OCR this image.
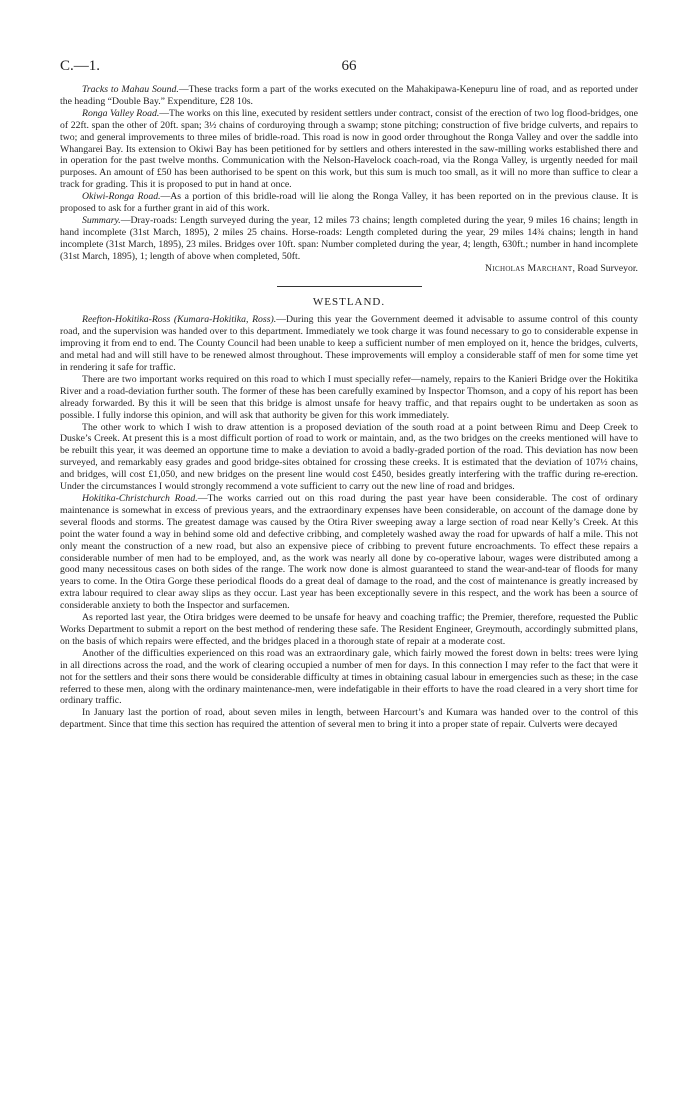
C.—1.	66

Tracks to Mahau Sound.—These tracks form a part of the works executed on the Mahakipawa-Kenepuru line of road, and as reported under the heading “Double Bay.” Expenditure, £28 10s.

Ronga Valley Road.—The works on this line, executed by resident settlers under contract, consist of the erection of two log flood-bridges, one of 22ft. span the other of 20ft. span; 3½ chains of corduroying through a swamp; stone pitching; construction of five bridge culverts, and repairs to two; and general improvements to three miles of bridle-road. This road is now in good order throughout the Ronga Valley and over the saddle into Whangarei Bay. Its extension to Okiwi Bay has been petitioned for by settlers and others interested in the saw-milling works established there and in operation for the past twelve months. Communication with the Nelson-Havelock coach-road, via the Ronga Valley, is urgently needed for mail purposes. An amount of £50 has been authorised to be spent on this work, but this sum is much too small, as it will no more than suffice to clear a track for grading. This it is proposed to put in hand at once.

Okiwi-Ronga Road.—As a portion of this bridle-road will lie along the Ronga Valley, it has been reported on in the previous clause. It is proposed to ask for a further grant in aid of this work.

Summary.—Dray-roads: Length surveyed during the year, 12 miles 73 chains; length completed during the year, 9 miles 16 chains; length in hand incomplete (31st March, 1895), 2 miles 25 chains. Horse-roads: Length completed during the year, 29 miles 14¾ chains; length in hand incomplete (31st March, 1895), 23 miles. Bridges over 10ft. span: Number completed during the year, 4; length, 630ft.; number in hand incomplete (31st March, 1895), 1; length of above when completed, 50ft.

Nicholas Marchant, Road Surveyor.
WESTLAND.

Reefton-Hokitika-Ross (Kumara-Hokitika, Ross).—During this year the Government deemed it advisable to assume control of this county road, and the supervision was handed over to this department. Immediately we took charge it was found necessary to go to considerable expense in improving it from end to end. The County Council had been unable to keep a sufficient number of men employed on it, hence the bridges, culverts, and metal had and will still have to be renewed almost throughout. These improvements will employ a considerable staff of men for some time yet in rendering it safe for traffic.

There are two important works required on this road to which I must specially refer—namely, repairs to the Kanieri Bridge over the Hokitika River and a road-deviation further south. The former of these has been carefully examined by Inspector Thomson, and a copy of his report has been already forwarded. By this it will be seen that this bridge is almost unsafe for heavy traffic, and that repairs ought to be undertaken as soon as possible. I fully indorse this opinion, and will ask that authority be given for this work immediately.

The other work to which I wish to draw attention is a proposed deviation of the south road at a point between Rimu and Deep Creek to Duske’s Creek. At present this is a most difficult portion of road to work or maintain, and, as the two bridges on the creeks mentioned will have to be rebuilt this year, it was deemed an opportune time to make a deviation to avoid a badly-graded portion of the road. This deviation has now been surveyed, and remarkably easy grades and good bridge-sites obtained for crossing these creeks. It is estimated that the deviation of 107½ chains, and bridges, will cost £1,050, and new bridges on the present line would cost £450, besides greatly interfering with the traffic during re-erection. Under the circumstances I would strongly recommend a vote sufficient to carry out the new line of road and bridges.

Hokitika-Christchurch Road.—The works carried out on this road during the past year have been considerable. The cost of ordinary maintenance is somewhat in excess of previous years, and the extraordinary expenses have been considerable, on account of the damage done by several floods and storms. The greatest damage was caused by the Otira River sweeping away a large section of road near Kelly’s Creek. At this point the water found a way in behind some old and defective cribbing, and completely washed away the road for upwards of half a mile. This not only meant the construction of a new road, but also an expensive piece of cribbing to prevent future encroachments. To effect these repairs a considerable number of men had to be employed, and, as the work was nearly all done by co-operative labour, wages were distributed among a good many necessitous cases on both sides of the range. The work now done is almost guaranteed to stand the wear-and-tear of floods for many years to come. In the Otira Gorge these periodical floods do a great deal of damage to the road, and the cost of maintenance is greatly increased by extra labour required to clear away slips as they occur. Last year has been exceptionally severe in this respect, and the work has been a source of considerable anxiety to both the Inspector and surfacemen.

As reported last year, the Otira bridges were deemed to be unsafe for heavy and coaching traffic; the Premier, therefore, requested the Public Works Department to submit a report on the best method of rendering these safe. The Resident Engineer, Greymouth, accordingly submitted plans, on the basis of which repairs were effected, and the bridges placed in a thorough state of repair at a moderate cost.

Another of the difficulties experienced on this road was an extraordinary gale, which fairly mowed the forest down in belts: trees were lying in all directions across the road, and the work of clearing occupied a number of men for days. In this connection I may refer to the fact that were it not for the settlers and their sons there would be considerable difficulty at times in obtaining casual labour in emergencies such as these; in the case referred to these men, along with the ordinary maintenance-men, were indefatigable in their efforts to have the road cleared in a very short time for ordinary traffic.

In January last the portion of road, about seven miles in length, between Harcourt’s and Kumara was handed over to the control of this department. Since that time this section has required the attention of several men to bring it into a proper state of repair. Culverts were decayed
